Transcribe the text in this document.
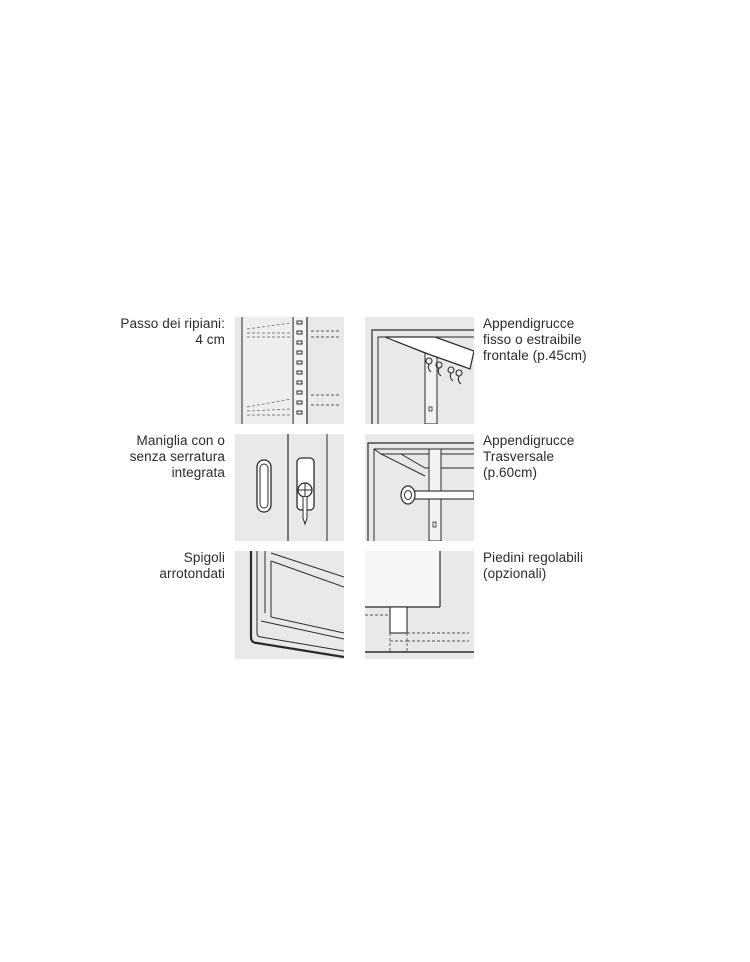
Passo dei ripiani:
4 cm
Appendigrucce
fisso o estraibile
frontale (p.45cm)
Maniglia con o
senza serratura
integrata
Appendigrucce
Trasversale
(p.60cm)
Spigoli
arrotondati
Piedini regolabili
(opzionali)
